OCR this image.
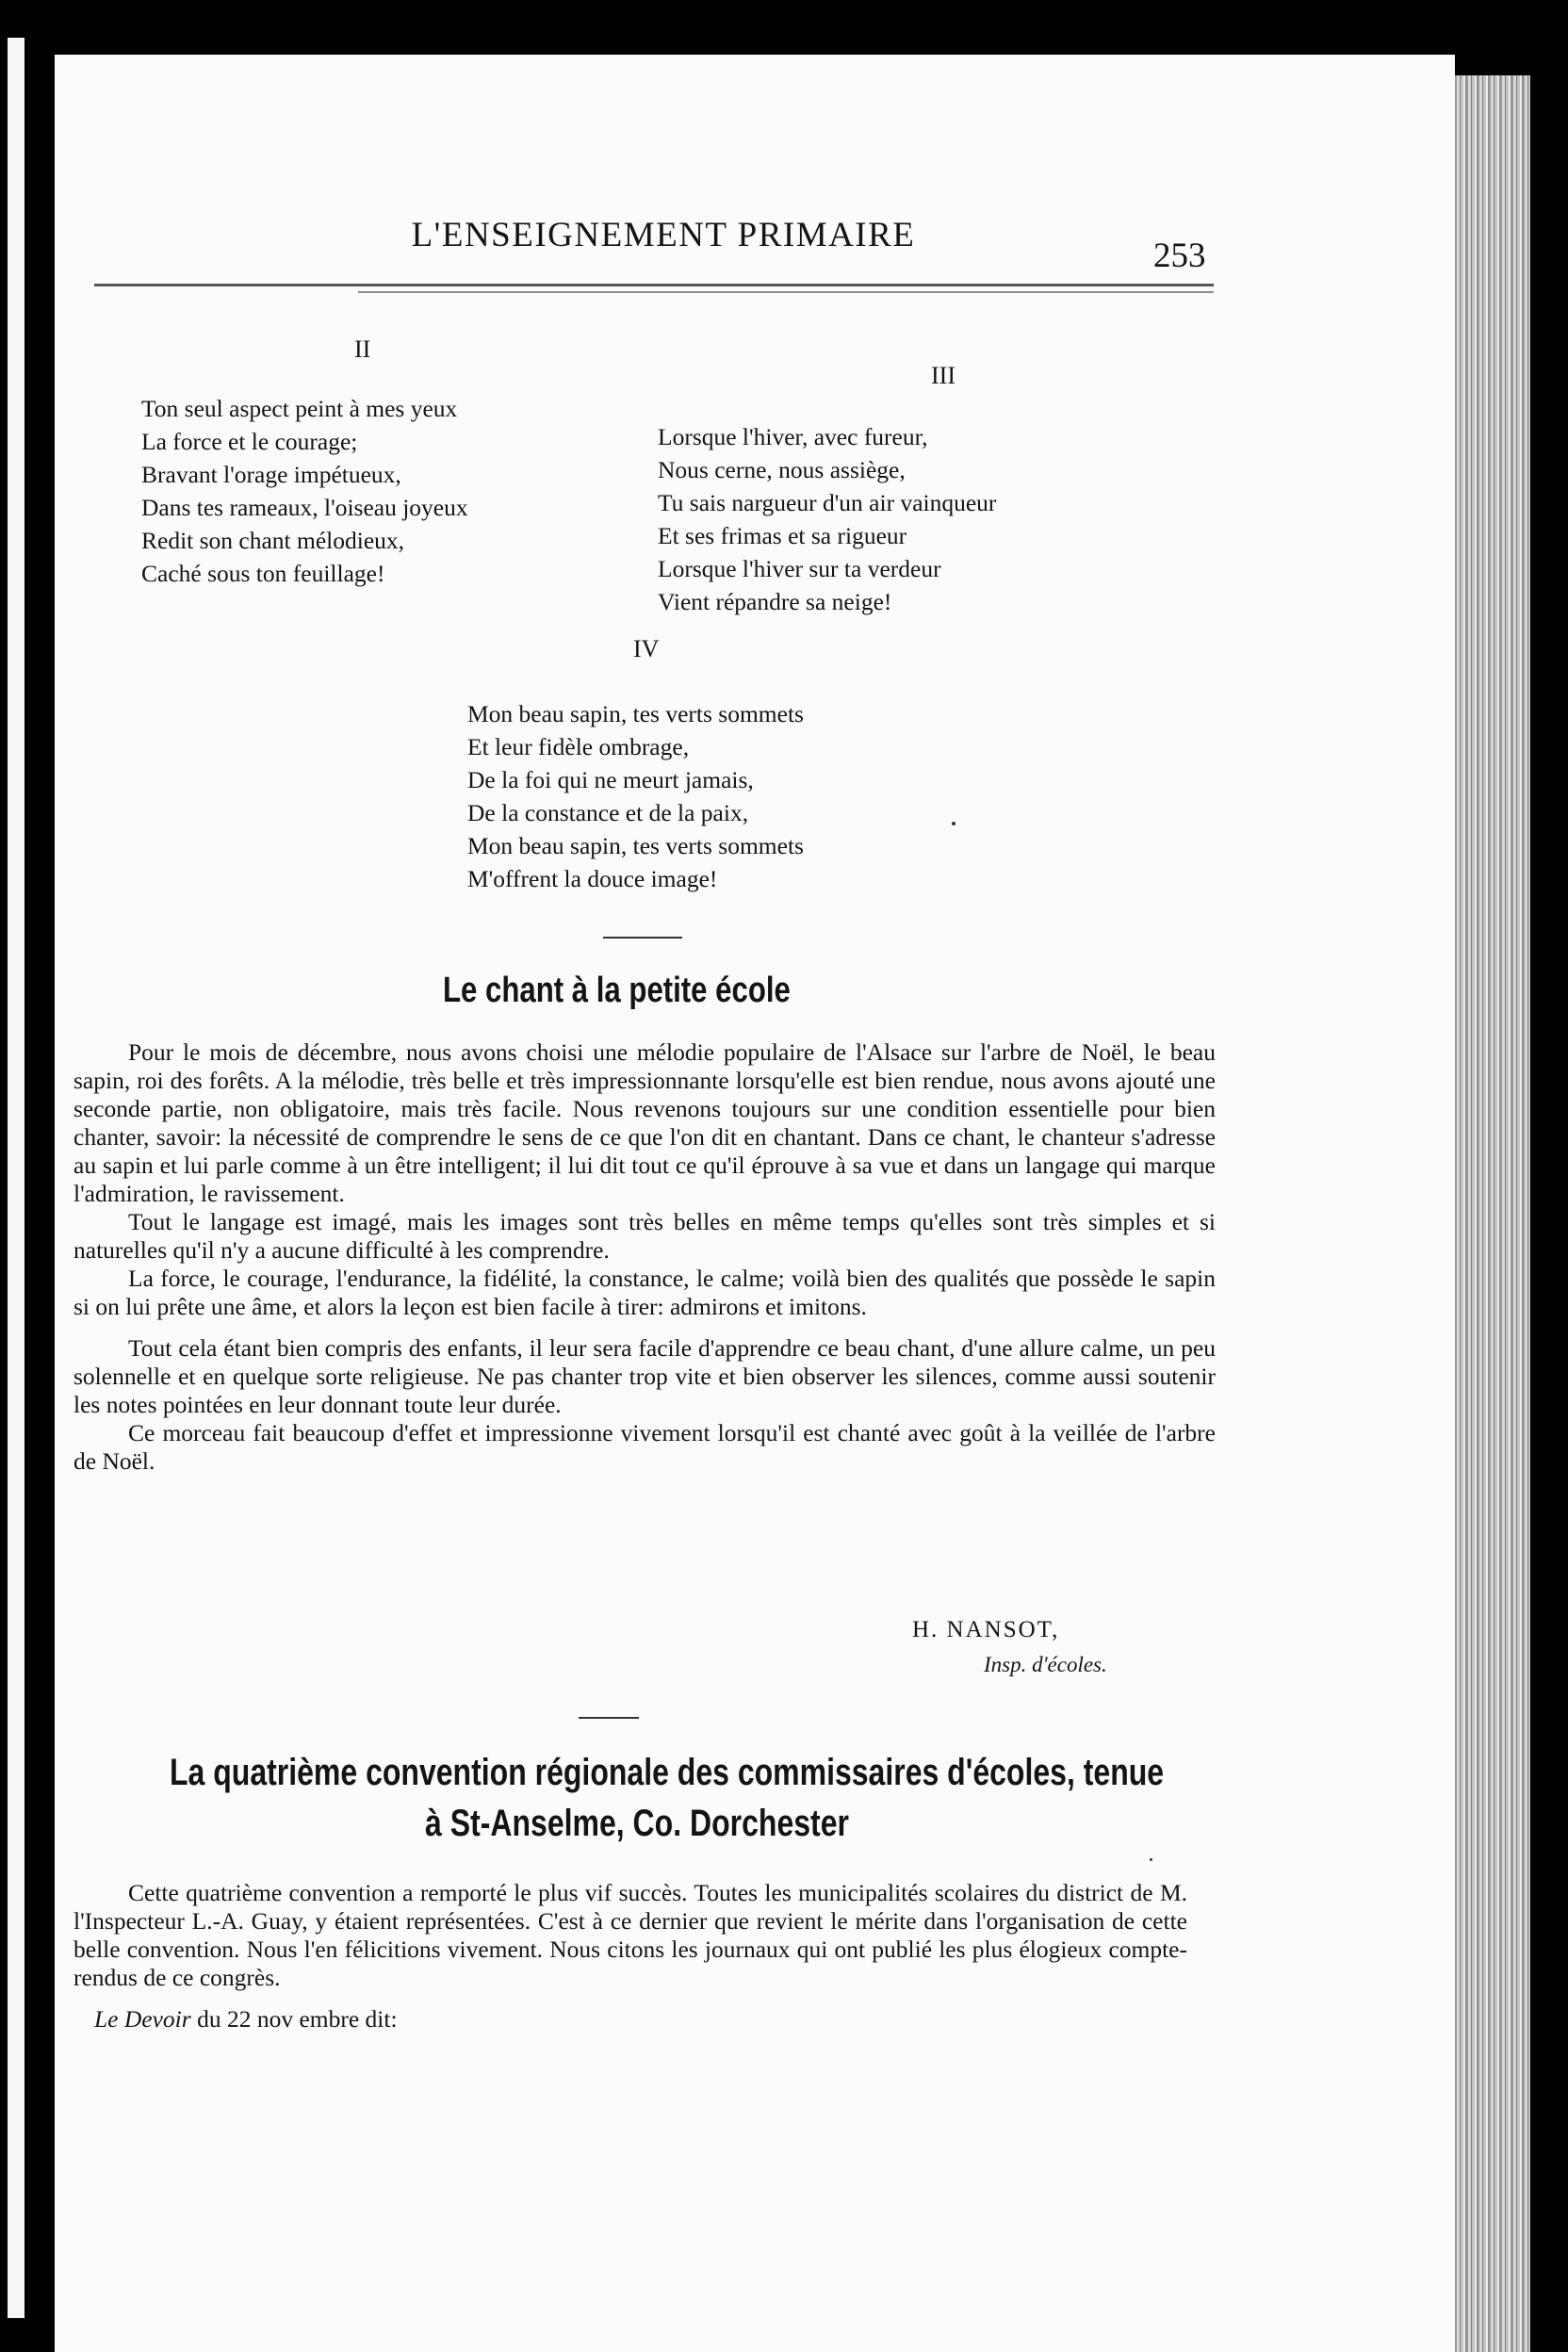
L'ENSEIGNEMENT PRIMAIRE
253
II
Ton seul aspect peint à mes yeux
La force et le courage;
Bravant l'orage impétueux,
Dans tes rameaux, l'oiseau joyeux
Redit son chant mélodieux,
Caché sous ton feuillage!
III
Lorsque l'hiver, avec fureur,
Nous cerne, nous assiège,
Tu sais nargueur d'un air vainqueur
Et ses frimas et sa rigueur
Lorsque l'hiver sur ta verdeur
Vient répandre sa neige!
IV
Mon beau sapin, tes verts sommets
Et leur fidèle ombrage,
De la foi qui ne meurt jamais,
De la constance et de la paix,
Mon beau sapin, tes verts sommets
M'offrent la douce image!
Le chant à la petite école

Pour le mois de décembre, nous avons choisi une mélodie populaire de l'Alsace sur l'arbre de Noël, le beau sapin, roi des forêts. A la mélodie, très belle et très impressionnante lorsqu'elle est bien rendue, nous avons ajouté une seconde partie, non obligatoire, mais très facile. Nous revenons toujours sur une condition essentielle pour bien chanter, savoir: la nécessité de comprendre le sens de ce que l'on dit en chantant. Dans ce chant, le chanteur s'adresse au sapin et lui parle comme à un être intelligent; il lui dit tout ce qu'il éprouve à sa vue et dans un langage qui marque l'admiration, le ravissement.

Tout le langage est imagé, mais les images sont très belles en même temps qu'elles sont très simples et si naturelles qu'il n'y a aucune difficulté à les comprendre.

La force, le courage, l'endurance, la fidélité, la constance, le calme; voilà bien des qualités que possède le sapin si on lui prête une âme, et alors la leçon est bien facile à tirer: admirons et imitons.

Tout cela étant bien compris des enfants, il leur sera facile d'apprendre ce beau chant, d'une allure calme, un peu solennelle et en quelque sorte religieuse. Ne pas chanter trop vite et bien observer les silences, comme aussi soutenir les notes pointées en leur donnant toute leur durée.

Ce morceau fait beaucoup d'effet et impressionne vivement lorsqu'il est chanté avec goût à la veillée de l'arbre de Noël.

H. NANSOT,
Insp. d'écoles.
La quatrième convention régionale des commissaires d'écoles, tenue
à St-Anselme, Co. Dorchester

Cette quatrième convention a remporté le plus vif succès. Toutes les municipalités scolaires du district de M. l'Inspecteur L.-A. Guay, y étaient représentées. C'est à ce dernier que revient le mérite dans l'organisation de cette belle convention. Nous l'en félicitions vivement. Nous citons les journaux qui ont publié les plus élogieux compte-rendus de ce congrès.

Le Devoir du 22 nov embre dit:
